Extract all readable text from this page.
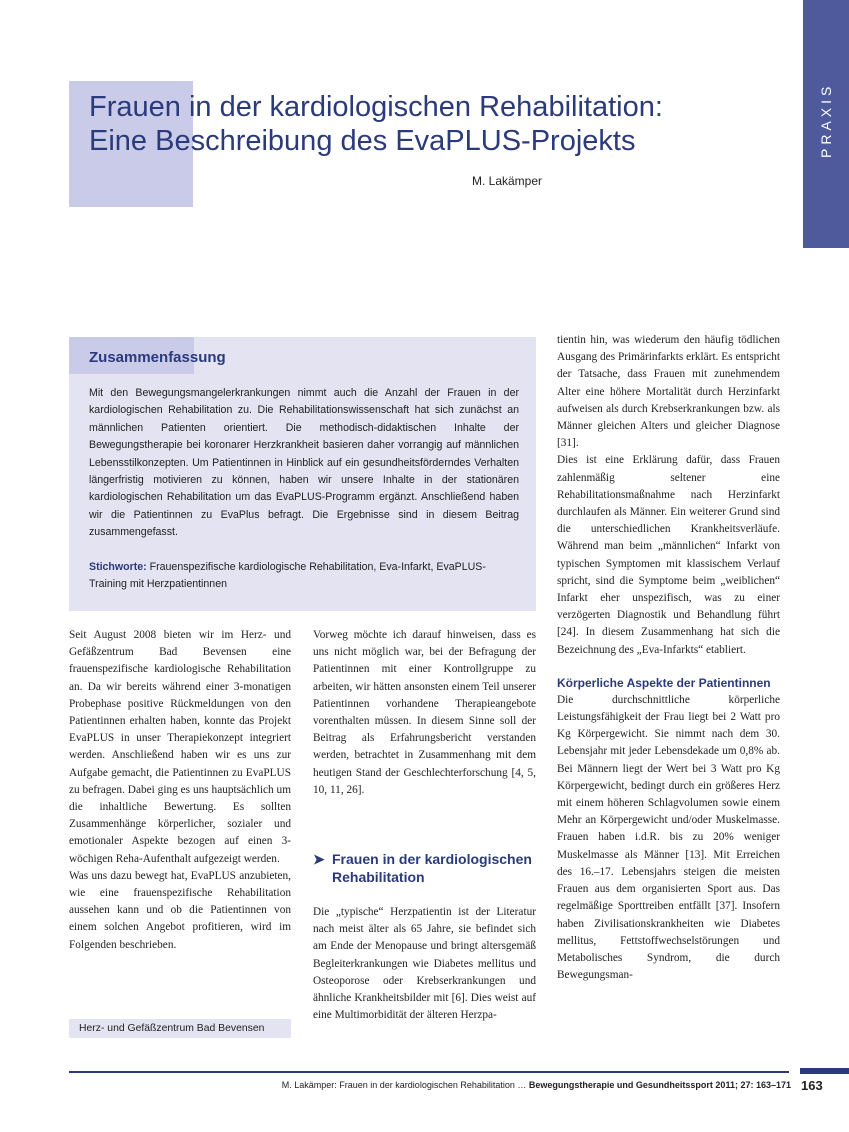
PRAXIS
Frauen in der kardiologischen Rehabilitation:
Eine Beschreibung des EvaPLUS-Projekts
M. Lakämper
Zusammenfassung

Mit den Bewegungsmangelerkrankungen nimmt auch die Anzahl der Frauen in der kardiologischen Rehabilitation zu. Die Rehabilitationswissenschaft hat sich zunächst an männlichen Patienten orientiert. Die methodisch-didaktischen Inhalte der Bewegungstherapie bei koronarer Herzkrankheit basieren daher vorrangig auf männlichen Lebensstilkonzepten. Um Patientinnen in Hinblick auf ein gesundheitsförderndes Verhalten längerfristig motivieren zu können, haben wir unsere Inhalte in der stationären kardiologischen Rehabilitation um das EvaPLUS-Programm ergänzt. Anschließend haben wir die Patientinnen zu EvaPlus befragt. Die Ergebnisse sind in diesem Beitrag zusammengefasst.

Stichworte: Frauenspezifische kardiologische Rehabilitation, Eva-Infarkt, EvaPLUS-Training mit Herzpatientinnen

Seit August 2008 bieten wir im Herz- und Gefäßzentrum Bad Bevensen eine frauenspezifische kardiologische Rehabilitation an. Da wir bereits während einer 3-monatigen Probephase positive Rückmeldungen von den Patientinnen erhalten haben, konnte das Projekt EvaPLUS in unser Therapiekonzept integriert werden. Anschließend haben wir es uns zur Aufgabe gemacht, die Patientinnen zu EvaPLUS zu befragen. Dabei ging es uns hauptsächlich um die inhaltliche Bewertung. Es sollten Zusammenhänge körperlicher, sozialer und emotionaler Aspekte bezogen auf einen 3-wöchigen Reha-Aufenthalt aufgezeigt werden.

Was uns dazu bewegt hat, EvaPLUS anzubieten, wie eine frauenspezifische Rehabilitation aussehen kann und ob die Patientinnen von einem solchen Angebot profitieren, wird im Folgenden beschrieben.

Herz- und Gefäßzentrum Bad Bevensen

Vorweg möchte ich darauf hinweisen, dass es uns nicht möglich war, bei der Befragung der Patientinnen mit einer Kontrollgruppe zu arbeiten, wir hätten ansonsten einem Teil unserer Patientinnen vorhandene Therapieangebote vorenthalten müssen. In diesem Sinne soll der Beitrag als Erfahrungsbericht verstanden werden, betrachtet in Zusammenhang mit dem heutigen Stand der Geschlechterforschung [4, 5, 10, 11, 26].

➤ Frauen in der kardiologischen Rehabilitation

Die „typische“ Herzpatientin ist der Literatur nach meist älter als 65 Jahre, sie befindet sich am Ende der Menopause und bringt altersgemäß Begleiterkrankungen wie Diabetes mellitus und Osteoporose oder Krebserkrankungen und ähnliche Krankheitsbilder mit [6]. Dies weist auf eine Multimorbidität der älteren Herzpa-

tientin hin, was wiederum den häufig tödlichen Ausgang des Primärinfarkts erklärt. Es entspricht der Tatsache, dass Frauen mit zunehmendem Alter eine höhere Mortalität durch Herzinfarkt aufweisen als durch Krebserkrankungen bzw. als Männer gleichen Alters und gleicher Diagnose [31].

Dies ist eine Erklärung dafür, dass Frauen zahlenmäßig seltener eine Rehabilitationsmaßnahme nach Herzinfarkt durchlaufen als Männer. Ein weiterer Grund sind die unterschiedlichen Krankheitsverläufe. Während man beim „männlichen“ Infarkt von typischen Symptomen mit klassischem Verlauf spricht, sind die Symptome beim „weiblichen“ Infarkt eher unspezifisch, was zu einer verzögerten Diagnostik und Behandlung führt [24]. In diesem Zusammenhang hat sich die Bezeichnung des „Eva-Infarkts“ etabliert.

Körperliche Aspekte der Patientinnen

Die durchschnittliche körperliche Leistungsfähigkeit der Frau liegt bei 2 Watt pro Kg Körpergewicht. Sie nimmt nach dem 30. Lebensjahr mit jeder Lebensdekade um 0,8% ab. Bei Männern liegt der Wert bei 3 Watt pro Kg Körpergewicht, bedingt durch ein größeres Herz mit einem höheren Schlagvolumen sowie einem Mehr an Körpergewicht und/oder Muskelmasse. Frauen haben i.d.R. bis zu 20% weniger Muskelmasse als Männer [13]. Mit Erreichen des 16.–17. Lebensjahrs steigen die meisten Frauen aus dem organisierten Sport aus. Das regelmäßige Sporttreiben entfällt [37]. Insofern haben Zivilisationskrankheiten wie Diabetes mellitus, Fettstoffwechselstörungen und Metabolisches Syndrom, die durch Bewegungsman-

M. Lakämper: Frauen in der kardiologischen Rehabilitation … Bewegungstherapie und Gesundheitssport 2011; 27: 163–171 163
